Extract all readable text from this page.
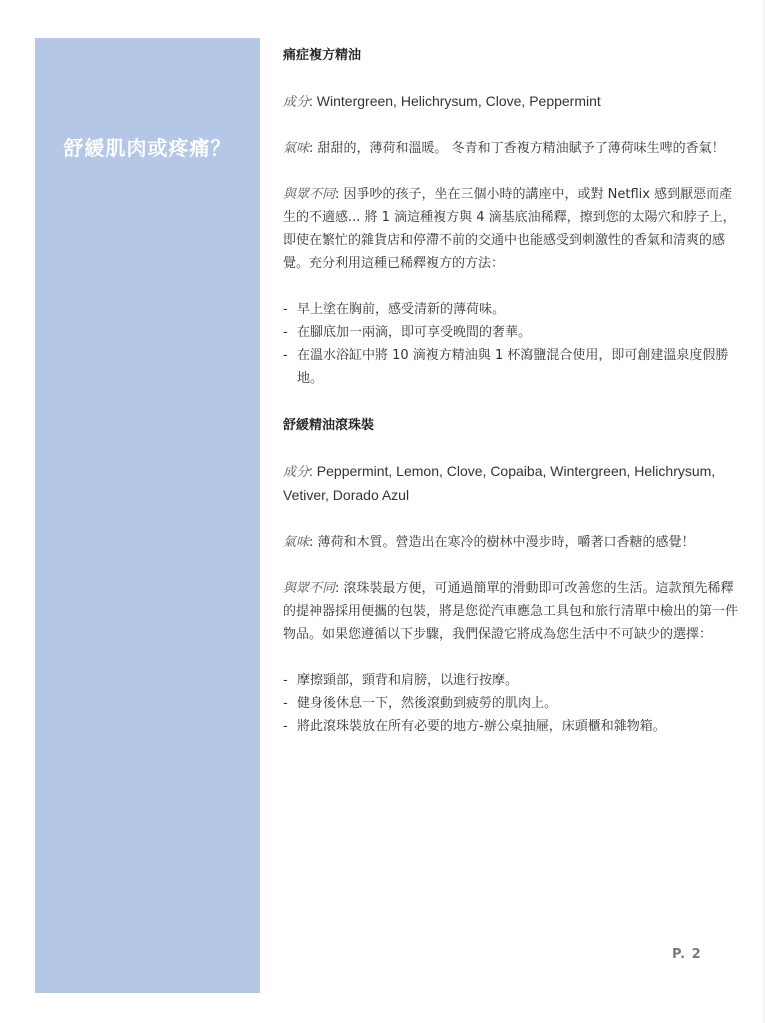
舒緩肌肉或疼痛？

痛症複方精油

成分: Wintergreen, Helichrysum, Clove, Peppermint

氣味: 甜甜的，薄荷和溫暖。 冬青和丁香複方精油賦予了薄荷味生啤的香氣！

與眾不同: 因爭吵的孩子，坐在三個小時的講座中，或對 Netflix 感到厭惡而產生的不適感... 將 1 滴這種複方與 4 滴基底油稀釋，擦到您的太陽穴和脖子上，即使在繁忙的雜貨店和停滯不前的交通中也能感受到刺激性的香氣和清爽的感覺。充分利用這種已稀釋複方的方法：

- 早上塗在胸前，感受清新的薄荷味。
- 在腳底加一兩滴，即可享受晚間的奢華。
- 在溫水浴缸中將 10 滴複方精油與 1 杯瀉鹽混合使用，即可創建溫泉度假勝地。

舒緩精油滾珠裝

成分: Peppermint, Lemon, Clove, Copaiba, Wintergreen, Helichrysum, Vetiver, Dorado Azul

氣味: 薄荷和木質。營造出在寒冷的樹林中漫步時，嚼著口香糖的感覺！

與眾不同: 滾珠裝最方便，可通過簡單的滑動即可改善您的生活。這款預先稀釋的提神器採用便攜的包裝，將是您從汽車應急工具包和旅行清單中檢出的第一件物品。如果您遵循以下步驟，我們保證它將成為您生活中不可缺少的選擇：

- 摩擦頸部，頸背和肩膀，以進行按摩。
- 健身後休息一下，然後滾動到疲勞的肌肉上。
- 將此滾珠裝放在所有必要的地方-辦公桌抽屜，床頭櫃和雜物箱。
P. 2
